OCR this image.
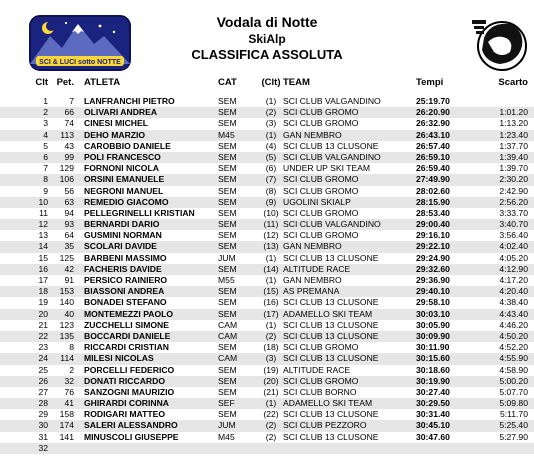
SCI & LUCI sotto NOTTE
Vodala di Notte
SkiAlp
CLASSIFICA ASSOLUTA
Clt Pet. ATLETA	CAT	(Clt) TEAM	Tempi	Scarto
1	7 LANFRANCHI PIETRO	SEM	(1) SCI CLUB VALGANDINO	25:19.70
2	66 OLIVARI ANDREA	SEM	(2) SCI CLUB GROMO	26:20.90	1:01.20
3	74 CINESI MICHEL	SEM	(3) SCI CLUB GROMO	26:32.90	1:13.20
4	113 DEHO MARZIO	M45	(1) GAN NEMBRO	26:43.10	1:23.40
5	43 CAROBBIO DANIELE	SEM	(4) SCI CLUB 13 CLUSONE	26:57.40	1:37.70
6	99 POLI FRANCESCO	SEM	(5) SCI CLUB VALGANDINO	26:59.10	1:39.40
7	129 FORNONI NICOLA	SEM	(6) UNDER UP SKI TEAM	26:59.40	1:39.70
8	106 ORSINI EMANUELE	SEM	(7) SCI CLUB GROMO	27:49.90	2:30.20
9	56 NEGRONI MANUEL	SEM	(8) SCI CLUB GROMO	28:02.60	2:42.90
10	63 REMEDIO GIACOMO	SEM	(9) UGOLINI SKIALP	28:15.90	2:56.20
11	94 PELLEGRINELLI KRISTIAN	SEM	(10) SCI CLUB GROMO	28:53.40	3:33.70
12	93 BERNARDI DARIO	SEM	(11) SCI CLUB VALGANDINO	29:00.40	3:40.70
13	64 GUSMINI NORMAN	SEM	(12) SCI CLUB GROMO	29:16.10	3:56.40
14	35 SCOLARI DAVIDE	SEM	(13) GAN NEMBRO	29:22.10	4:02.40
15	125 BARBENI MASSIMO	JUM	(1) SCI CLUB 13 CLUSONE	29:24.90	4:05.20
16	42 FACHERIS DAVIDE	SEM	(14) ALTITUDE RACE	29:32.60	4:12.90
17	91 PERSICO RAINIERO	M55	(1) GAN NEMBRO	29:36.90	4:17.20
18	153 BIASSONI ANDREA	SEM	(15) AS PREMANA	29:40.10	4:20.40
19	140 BONADEI STEFANO	SEM	(16) SCI CLUB 13 CLUSONE	29:58.10	4:38.40
20	40 MONTEMEZZI PAOLO	SEM	(17) ADAMELLO SKI TEAM	30:03.10	4:43.40
21	123 ZUCCHELLI SIMONE	CAM	(1) SCI CLUB 13 CLUSONE	30:05.90	4:46.20
22	135 BOCCARDI DANIELE	CAM	(2) SCI CLUB 13 CLUSONE	30:09.90	4:50.20
23	8 RICCARDI CRISTIAN	SEM	(18) SCI CLUB GROMO	30:11.90	4:52.20
24	114 MILESI NICOLAS	CAM	(3) SCI CLUB 13 CLUSONE	30:15.60	4:55.90
25	2 PORCELLI FEDERICO	SEM	(19) ALTITUDE RACE	30:18.60	4:58.90
26	32 DONATI RICCARDO	SEM	(20) SCI CLUB GROMO	30:19.90	5:00.20
27	76 SANZOGNI MAURIZIO	SEM	(21) SCI CLUB BORNO	30:27.40	5:07.70
28	41 GHIRARDI CORINNA	SEF	(1) ADAMELLO SKI TEAM	30:29.50	5:09.80
29	158 RODIGARI MATTEO	SEM	(22) SCI CLUB 13 CLUSONE	30:31.40	5:11.70
30	174 SALERI ALESSANDRO	JUM	(2) SCI CLUB PEZZORO	30:45.10	5:25.40
31	141 MINUSCOLI GIUSEPPE	M45	(2) SCI CLUB 13 CLUSONE	30:47.60	5:27.90
32
